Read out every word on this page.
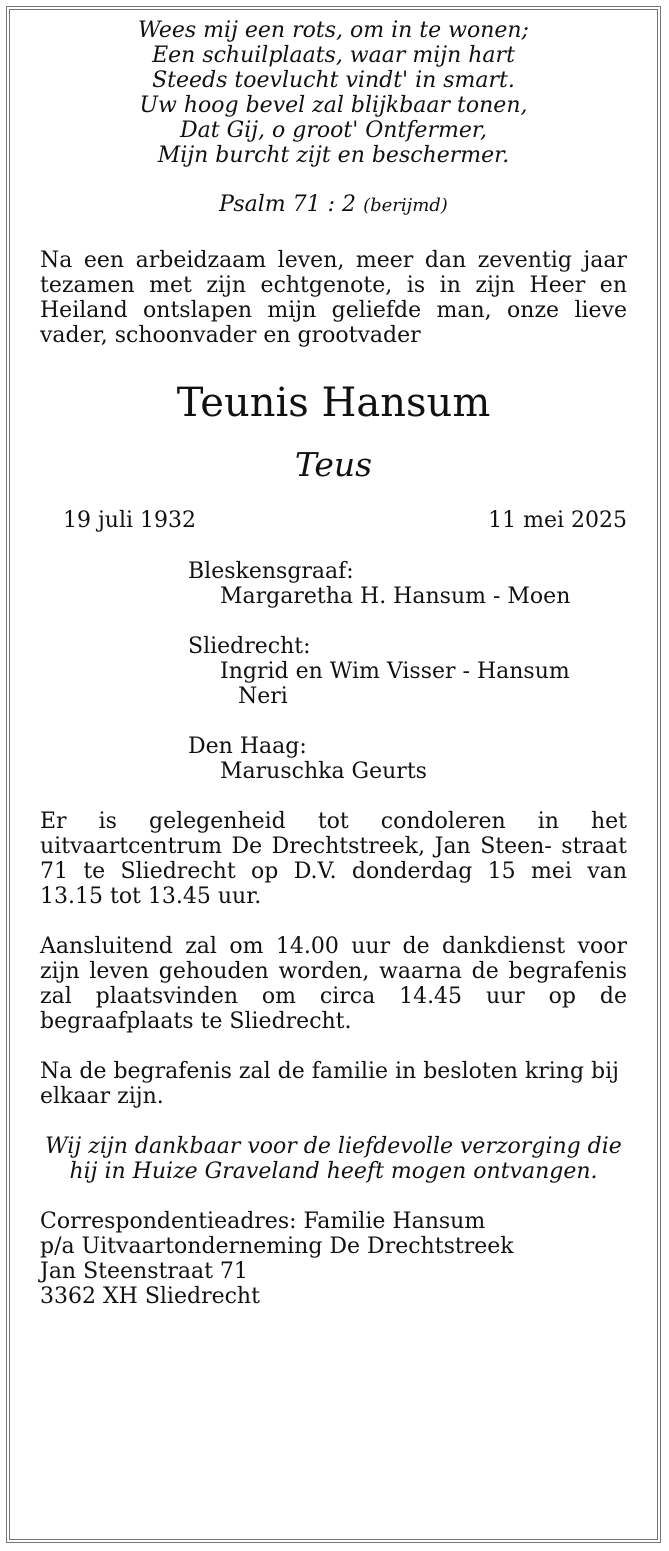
Wees mij een rots, om in te wonen;
Een schuilplaats, waar mijn hart
Steeds toevlucht vindt' in smart.
Uw hoog bevel zal blijkbaar tonen,
Dat Gij, o groot' Ontfermer,
Mijn burcht zijt en beschermer.
Psalm 71 : 2 (berijmd)

Na een arbeidzaam leven, meer dan zeventig jaar tezamen met zijn echtgenote, is in zijn Heer en Heiland ontslapen mijn geliefde man, onze lieve vader, schoonvader en grootvader

Teunis Hansum
Teus
19 juli 1932	11 mei 2025
Bleskensgraaf:
Margaretha H. Hansum - Moen
Sliedrecht:
Ingrid en Wim Visser - Hansum
Neri
Den Haag:
Maruschka Geurts

Er is gelegenheid tot condoleren in het uitvaartcentrum De Drechtstreek, Jan Steen- straat 71 te Sliedrecht op D.V. donderdag 15 mei van 13.15 tot 13.45 uur.

Aansluitend zal om 14.00 uur de dankdienst voor zijn leven gehouden worden, waarna de begrafenis zal plaatsvinden om circa 14.45 uur op de begraafplaats te Sliedrecht.

Na de begrafenis zal de familie in besloten kring bij elkaar zijn.

Wij zijn dankbaar voor de liefdevolle verzorging die hij in Huize Graveland heeft mogen ontvangen.

Correspondentieadres: Familie Hansum
p/a Uitvaartonderneming De Drechtstreek
Jan Steenstraat 71
3362 XH Sliedrecht
